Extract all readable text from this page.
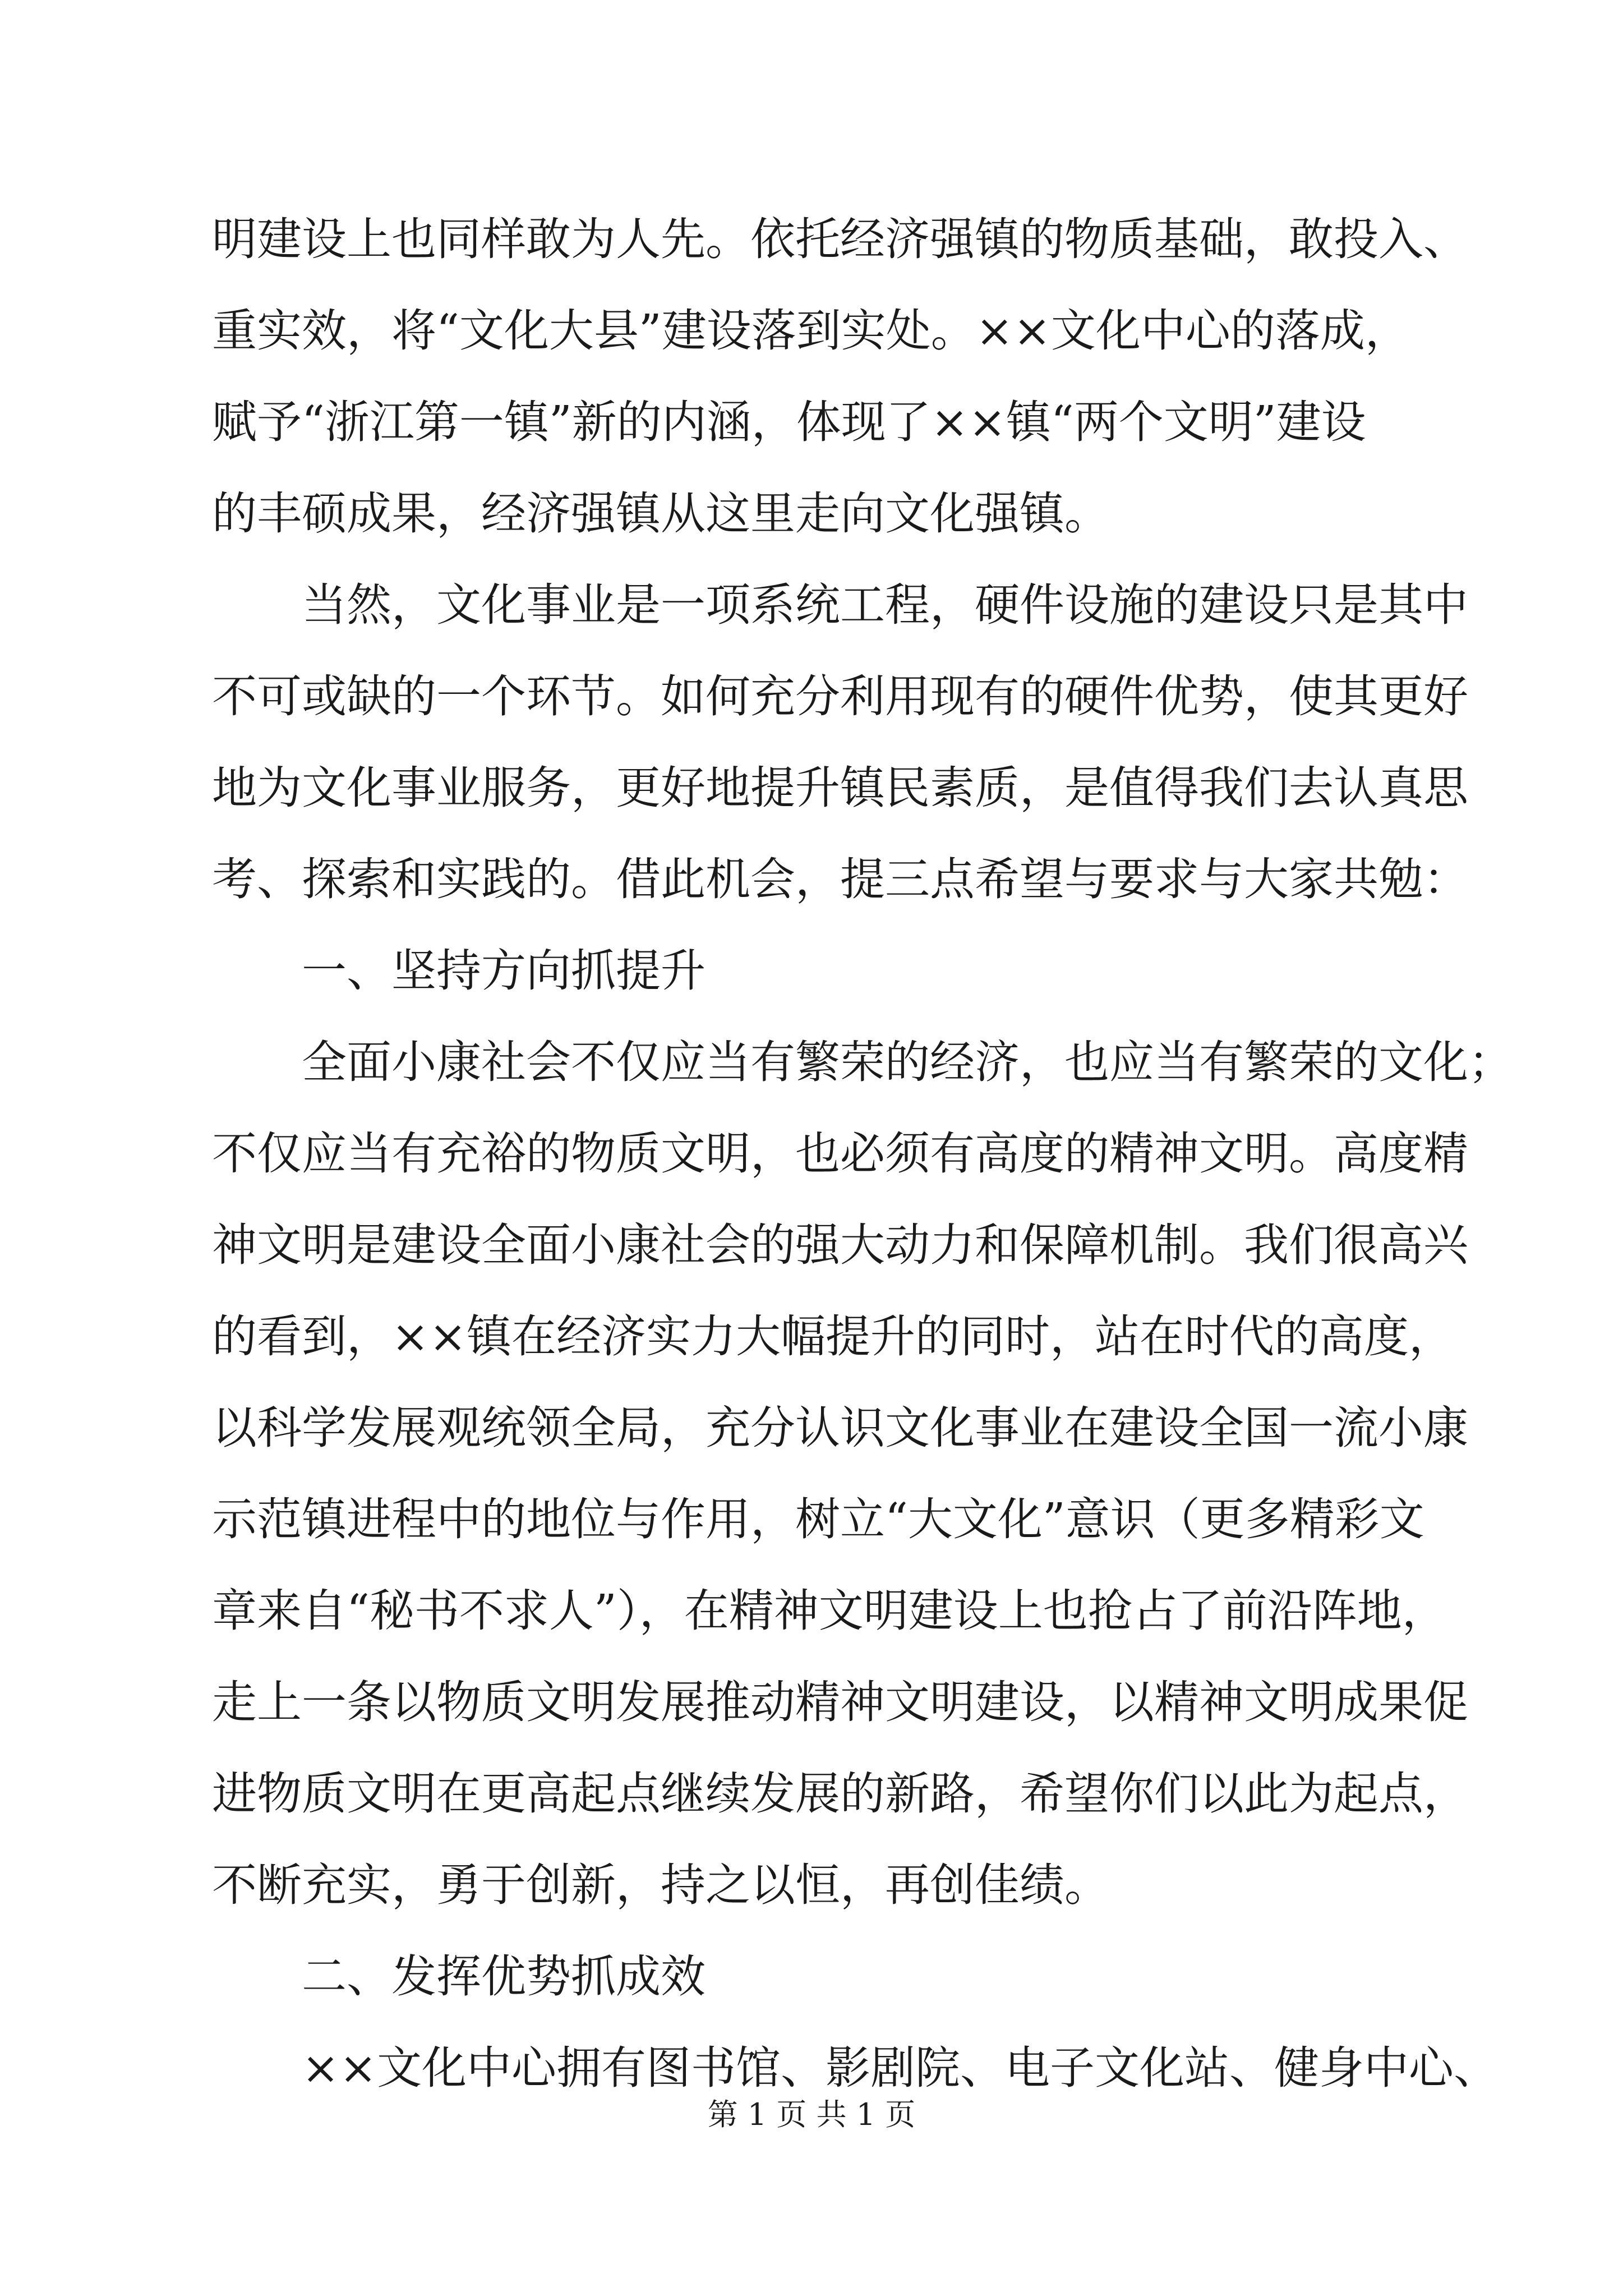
明建设上也同样敢为人先。依托经济强镇的物质基础，敢投入、
重实效，将“文化大县”建设落到实处。××文化中心的落成，
赋予“浙江第一镇”新的内涵，体现了××镇“两个文明”建设
的丰硕成果，经济强镇从这里走向文化强镇。
当然，文化事业是一项系统工程，硬件设施的建设只是其中
不可或缺的一个环节。如何充分利用现有的硬件优势，使其更好
地为文化事业服务，更好地提升镇民素质，是值得我们去认真思
考、探索和实践的。借此机会，提三点希望与要求与大家共勉：
一、坚持方向抓提升
全面小康社会不仅应当有繁荣的经济，也应当有繁荣的文化；
不仅应当有充裕的物质文明，也必须有高度的精神文明。高度精
神文明是建设全面小康社会的强大动力和保障机制。我们很高兴
的看到，××镇在经济实力大幅提升的同时，站在时代的高度，
以科学发展观统领全局，充分认识文化事业在建设全国一流小康
示范镇进程中的地位与作用，树立“大文化”意识（更多精彩文
章来自“秘书不求人”），在精神文明建设上也抢占了前沿阵地，
走上一条以物质文明发展推动精神文明建设，以精神文明成果促
进物质文明在更高起点继续发展的新路，希望你们以此为起点，
不断充实，勇于创新，持之以恒，再创佳绩。
二、发挥优势抓成效
××文化中心拥有图书馆、影剧院、电子文化站、健身中心、
第 1 页 共 1 页
